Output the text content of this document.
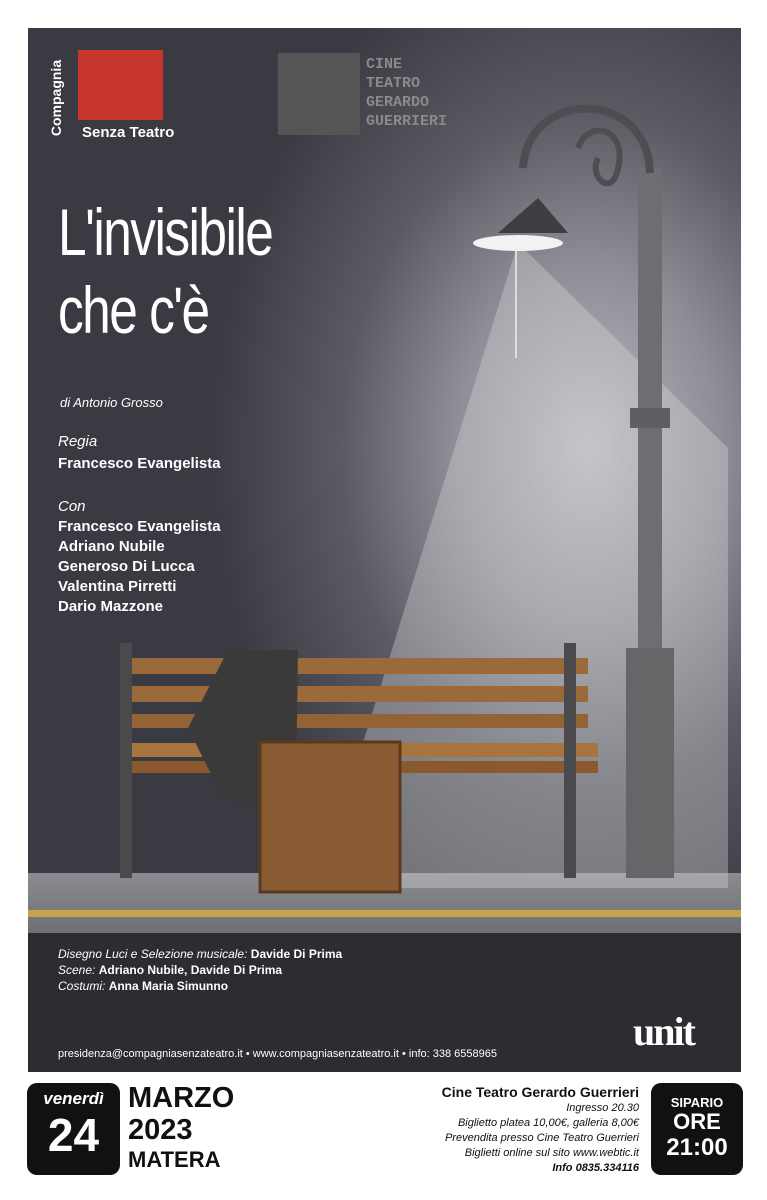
Compagnia Senza Teatro
CINE
TEATRO
GERARDO
GUERRIERI
L'invisibile
che c'è
di Antonio Grosso
Regia
Francesco Evangelista
Con
Francesco Evangelista
Adriano Nubile
Generoso Di Lucca
Valentina Pirretti
Dario Mazzone
Disegno Luci e Selezione musicale: Davide Di Prima
Scene: Adriano Nubile, Davide Di Prima
Costumi: Anna Maria Simunno
unit
presidenza@compagniasenzateatro.it • www.compagniasenzateatro.it • info: 338 6558965
venerdì
24
MARZO
2023
MATERA
Cine Teatro Gerardo Guerrieri
Ingresso 20.30
Biglietto platea 10,00€, galleria 8,00€
Prevendita presso Cine Teatro Guerrieri
Biglietti online sul sito www.webtic.it
Info 0835.334116
SIPARIO
ORE
21:00
